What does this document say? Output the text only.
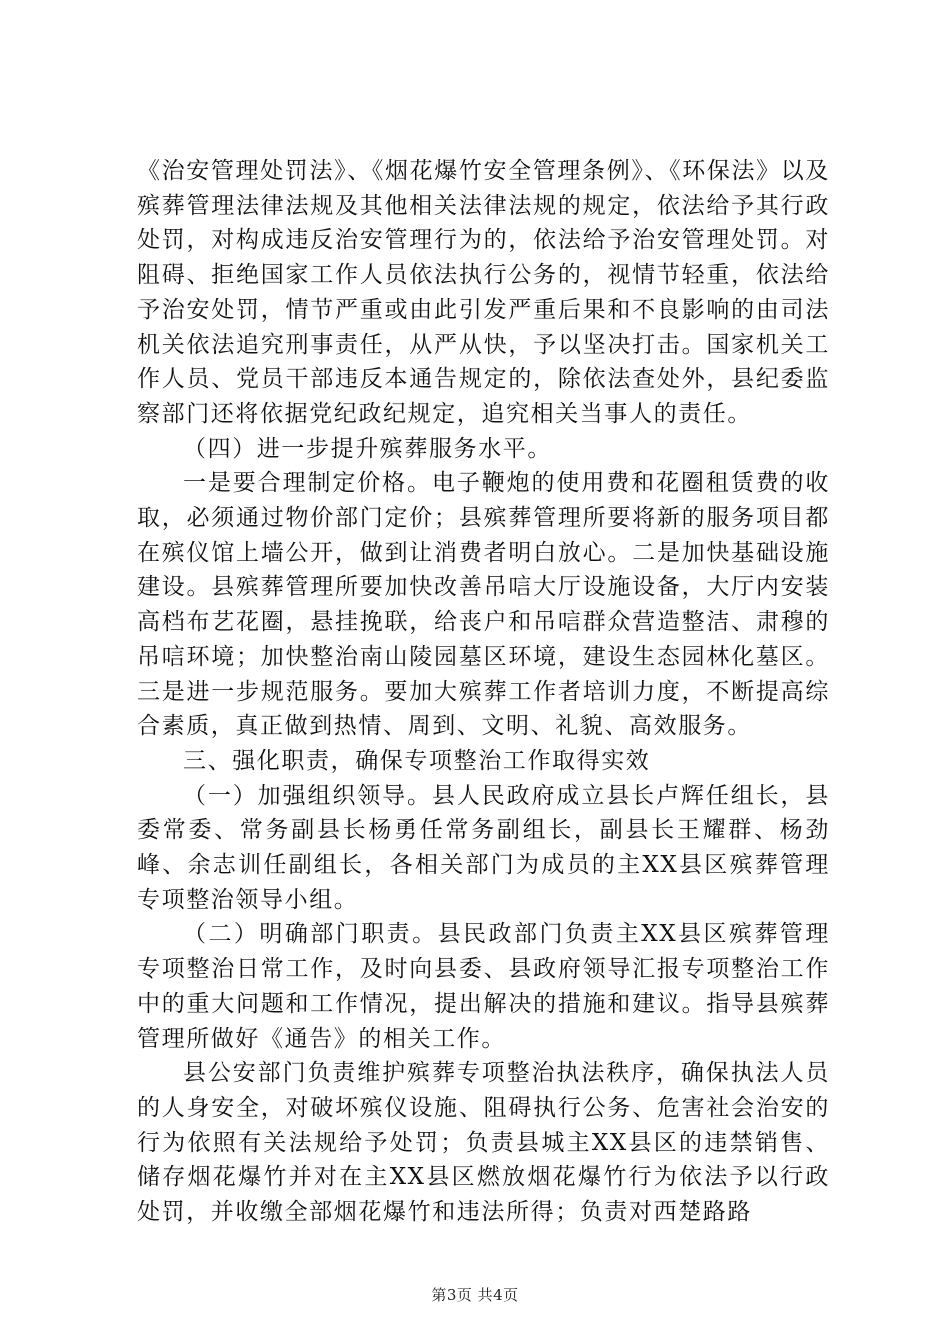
《治安管理处罚法》、《烟花爆竹安全管理条例》、《环保法》以及殡葬管理法律法规及其他相关法律法规的规定，依法给予其行政处罚，对构成违反治安管理行为的，依法给予治安管理处罚。对阻碍、拒绝国家工作人员依法执行公务的，视情节轻重，依法给予治安处罚，情节严重或由此引发严重后果和不良影响的由司法机关依法追究刑事责任，从严从快，予以坚决打击。国家机关工作人员、党员干部违反本通告规定的，除依法查处外，县纪委监察部门还将依据党纪政纪规定，追究相关当事人的责任。

（四）进一步提升殡葬服务水平。

一是要合理制定价格。电子鞭炮的使用费和花圈租赁费的收取，必须通过物价部门定价；县殡葬管理所要将新的服务项目都在殡仪馆上墙公开，做到让消费者明白放心。二是加快基础设施建设。县殡葬管理所要加快改善吊唁大厅设施设备，大厅内安装高档布艺花圈，悬挂挽联，给丧户和吊唁群众营造整洁、肃穆的吊唁环境；加快整治南山陵园墓区环境，建设生态园林化墓区。三是进一步规范服务。要加大殡葬工作者培训力度，不断提高综合素质，真正做到热情、周到、文明、礼貌、高效服务。

三、强化职责，确保专项整治工作取得实效

（一）加强组织领导。县人民政府成立县长卢辉任组长，县委常委、常务副县长杨勇任常务副组长，副县长王耀群、杨劲峰、余志训任副组长，各相关部门为成员的主XX县区殡葬管理专项整治领导小组。

（二）明确部门职责。县民政部门负责主XX县区殡葬管理专项整治日常工作，及时向县委、县政府领导汇报专项整治工作中的重大问题和工作情况，提出解决的措施和建议。指导县殡葬管理所做好《通告》的相关工作。

县公安部门负责维护殡葬专项整治执法秩序，确保执法人员的人身安全，对破坏殡仪设施、阻碍执行公务、危害社会治安的行为依照有关法规给予处罚；负责县城主XX县区的违禁销售、储存烟花爆竹并对在主XX县区燃放烟花爆竹行为依法予以行政处罚，并收缴全部烟花爆竹和违法所得；负责对西楚路路

第3页 共4页
